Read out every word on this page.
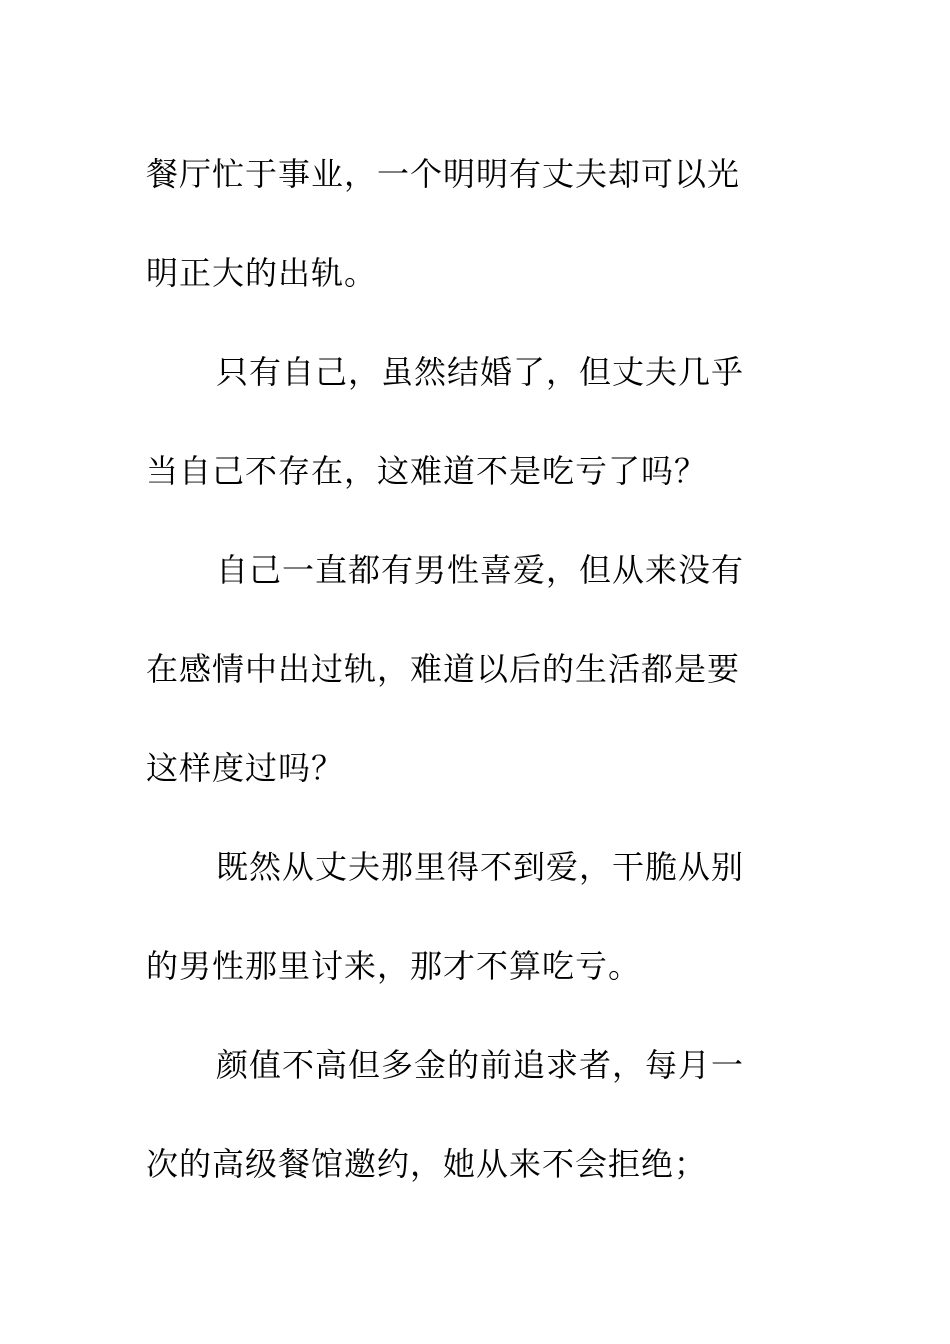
餐厅忙于事业，一个明明有丈夫却可以光
明正大的出轨。
只有自己，虽然结婚了，但丈夫几乎
当自己不存在，这难道不是吃亏了吗？
自己一直都有男性喜爱，但从来没有
在感情中出过轨，难道以后的生活都是要
这样度过吗？
既然从丈夫那里得不到爱，干脆从别
的男性那里讨来，那才不算吃亏。
颜值不高但多金的前追求者，每月一
次的高级餐馆邀约，她从来不会拒绝；
